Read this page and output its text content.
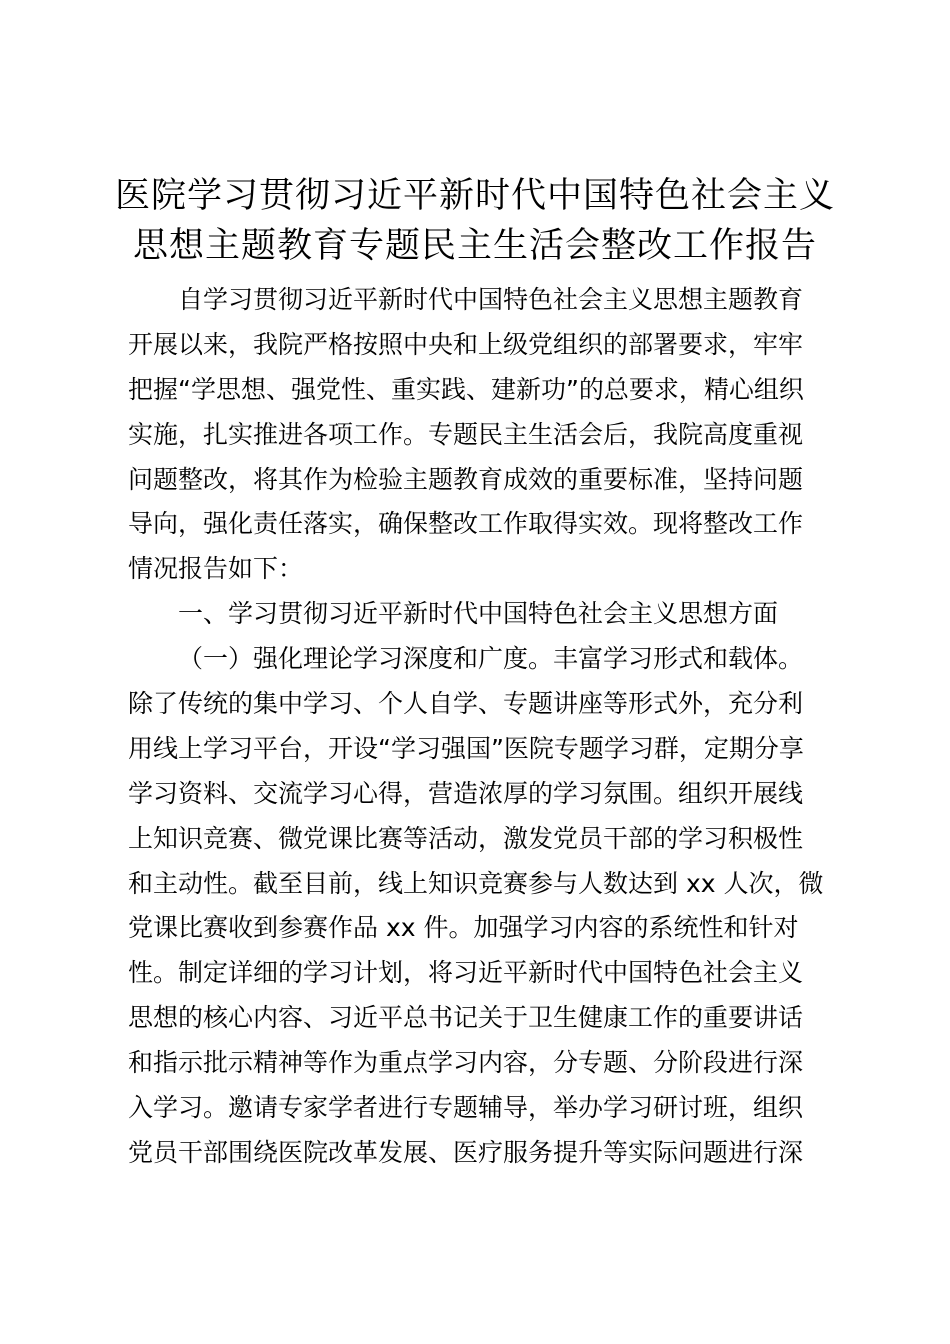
医院学习贯彻习近平新时代中国特色社会主义
思想主题教育专题民主生活会整改工作报告
自学习贯彻习近平新时代中国特色社会主义思想主题教育
开展以来，我院严格按照中央和上级党组织的部署要求，牢牢
把握“学思想、强党性、重实践、建新功”的总要求，精心组织
实施，扎实推进各项工作。专题民主生活会后，我院高度重视
问题整改，将其作为检验主题教育成效的重要标准，坚持问题
导向，强化责任落实，确保整改工作取得实效。现将整改工作
情况报告如下：
一、学习贯彻习近平新时代中国特色社会主义思想方面
（一）强化理论学习深度和广度。丰富学习形式和载体。
除了传统的集中学习、个人自学、专题讲座等形式外，充分利
用线上学习平台，开设“学习强国”医院专题学习群，定期分享
学习资料、交流学习心得，营造浓厚的学习氛围。组织开展线
上知识竞赛、微党课比赛等活动，激发党员干部的学习积极性
和主动性。截至目前，线上知识竞赛参与人数达到 xx 人次，微
党课比赛收到参赛作品 xx 件。加强学习内容的系统性和针对
性。制定详细的学习计划，将习近平新时代中国特色社会主义
思想的核心内容、习近平总书记关于卫生健康工作的重要讲话
和指示批示精神等作为重点学习内容，分专题、分阶段进行深
入学习。邀请专家学者进行专题辅导，举办学习研讨班，组织
党员干部围绕医院改革发展、医疗服务提升等实际问题进行深
